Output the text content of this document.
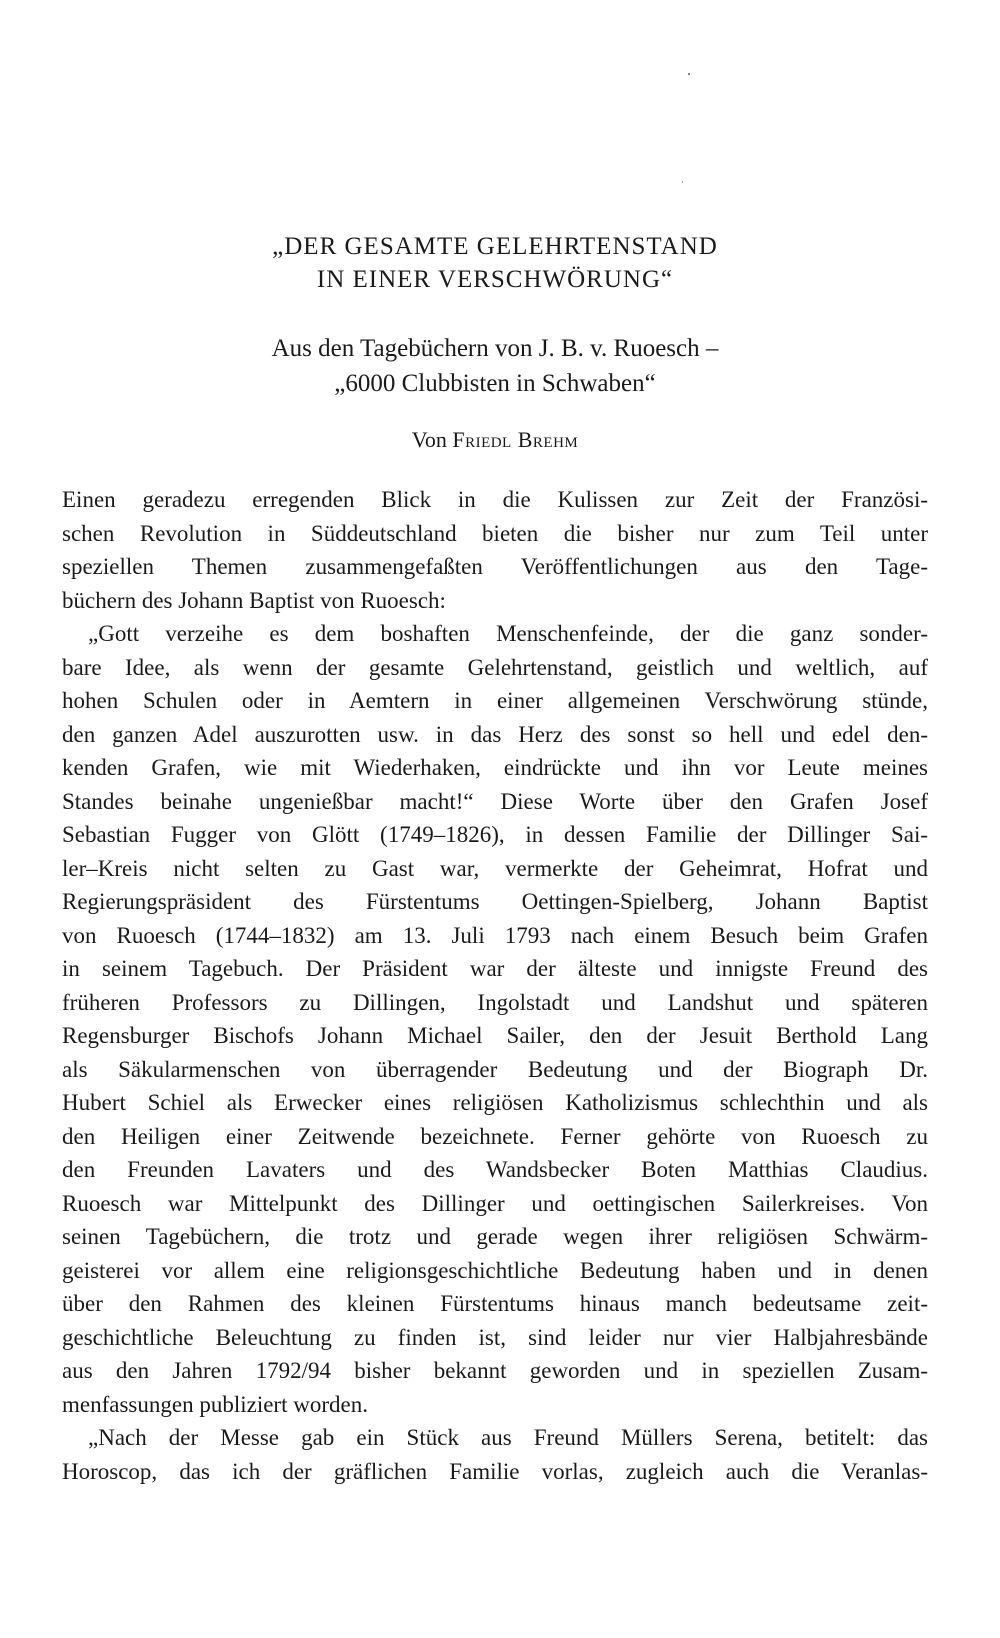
„DER GESAMTE GELEHRTENSTAND
IN EINER VERSCHWÖRUNG“
Aus den Tagebüchern von J. B. v. Ruoesch –
„6000 Clubbisten in Schwaben“

Von Friedl Brehm

Einen geradezu erregenden Blick in die Kulissen zur Zeit der Französi-
schen Revolution in Süddeutschland bieten die bisher nur zum Teil unter
speziellen Themen zusammengefaßten Veröffentlichungen aus den Tage-
büchern des Johann Baptist von Ruoesch:

„Gott verzeihe es dem boshaften Menschenfeinde, der die ganz sonder-
bare Idee, als wenn der gesamte Gelehrtenstand, geistlich und weltlich, auf
hohen Schulen oder in Aemtern in einer allgemeinen Verschwörung stünde,
den ganzen Adel auszurotten usw. in das Herz des sonst so hell und edel den-
kenden Grafen, wie mit Wiederhaken, eindrückte und ihn vor Leute meines
Standes beinahe ungenießbar macht!“ Diese Worte über den Grafen Josef
Sebastian Fugger von Glött (1749–1826), in dessen Familie der Dillinger Sai-
ler–Kreis nicht selten zu Gast war, vermerkte der Geheimrat, Hofrat und
Regierungspräsident des Fürstentums Oettingen-Spielberg, Johann Baptist
von Ruoesch (1744–1832) am 13. Juli 1793 nach einem Besuch beim Grafen
in seinem Tagebuch. Der Präsident war der älteste und innigste Freund des
früheren Professors zu Dillingen, Ingolstadt und Landshut und späteren
Regensburger Bischofs Johann Michael Sailer, den der Jesuit Berthold Lang
als Säkularmenschen von überragender Bedeutung und der Biograph Dr.
Hubert Schiel als Erwecker eines religiösen Katholizismus schlechthin und als
den Heiligen einer Zeitwende bezeichnete. Ferner gehörte von Ruoesch zu
den Freunden Lavaters und des Wandsbecker Boten Matthias Claudius.
Ruoesch war Mittelpunkt des Dillinger und oettingischen Sailerkreises. Von
seinen Tagebüchern, die trotz und gerade wegen ihrer religiösen Schwärm-
geisterei vor allem eine religionsgeschichtliche Bedeutung haben und in denen
über den Rahmen des kleinen Fürstentums hinaus manch bedeutsame zeit-
geschichtliche Beleuchtung zu finden ist, sind leider nur vier Halbjahresbände
aus den Jahren 1792/94 bisher bekannt geworden und in speziellen Zusam-
menfassungen publiziert worden.

„Nach der Messe gab ein Stück aus Freund Müllers Serena, betitelt: das
Horoscop, das ich der gräflichen Familie vorlas, zugleich auch die Veranlas-
